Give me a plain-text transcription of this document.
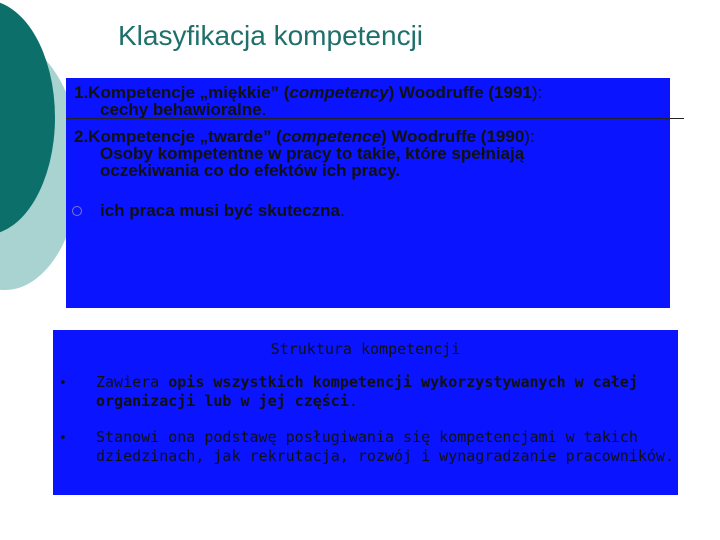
Klasyfikacja kompetencji
1.Kompetencje „miękkie” (competency) Woodruffe (1991):
cechy behawioralne.
2.Kompetencje „twarde” (competence) Woodruffe (1990):
Osoby kompetentne w pracy to takie, które spełniają
oczekiwania co do efektów ich pracy.
ich praca musi być skuteczna .
Struktura kompetencji
• Zawiera opis wszystkich kompetencji wykorzystywanych w całej organizacji lub w jej części.
• Stanowi ona podstawę posługiwania się kompetencjami w takich dziedzinach, jak rekrutacja, rozwój i wynagradzanie pracowników.
